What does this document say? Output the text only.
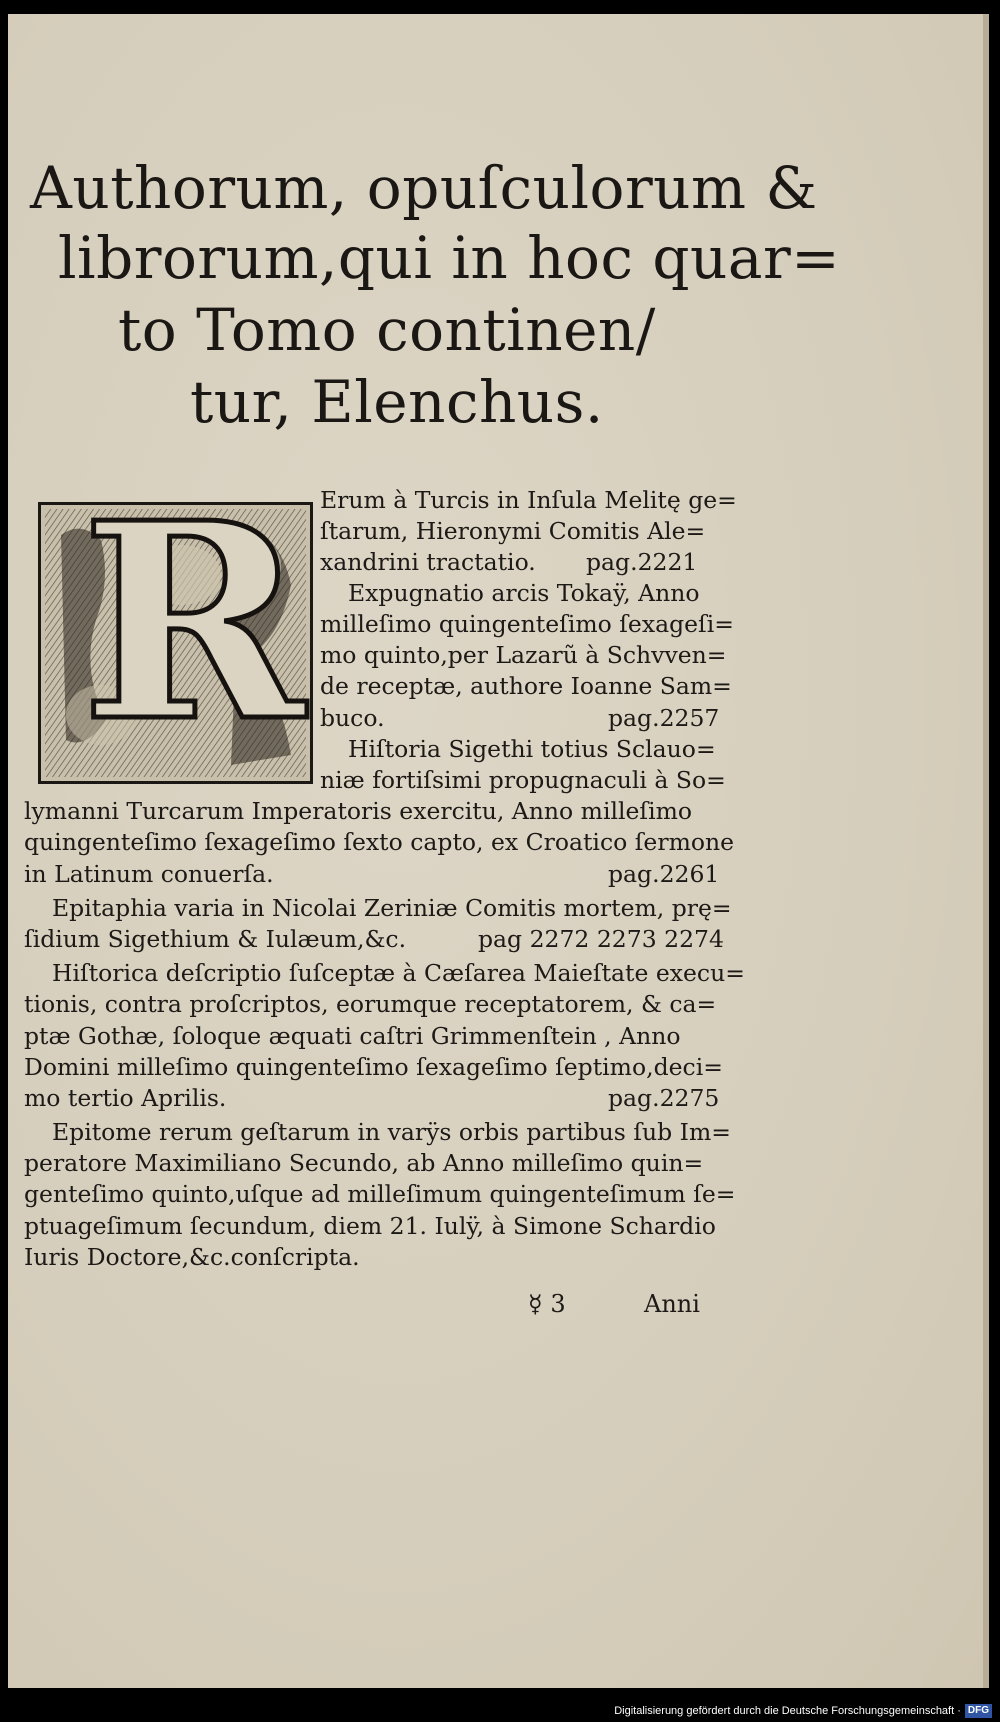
Authorum, opuſculorum &
librorum,qui in hoc quar=
to Tomo continen/
tur, Elenchus.
R Erum à Turcis in Inſula Melitę ge=
ſtarum, Hieronymi Comitis Ale=
xandrini tractatio. pag.2221
Expugnatio arcis Tokaÿ, Anno
milleſimo quingenteſimo ſexageſi=
mo quinto,per Lazarũ à Schvven=
de receptæ, authore Ioanne Sam=
buco.	pag.2257
Hiſtoria Sigethi totius Sclauo=
niæ fortiſsimi propugnaculi à So=
lymanni Turcarum Imperatoris exercitu, Anno milleſimo
quingenteſimo ſexageſimo ſexto capto, ex Croatico ſermone
in Latinum conuerſa.	pag.2261
Epitaphia varia in Nicolai Zeriniæ Comitis mortem, prę=
ſidium Sigethium & Iulæum,&c.	pag 2272 2273 2274
Hiſtorica deſcriptio ſuſceptæ à Cæſarea Maieſtate execu=
tionis, contra proſcriptos, eorumque receptatorem, & ca=
ptæ Gothæ, ſoloque æquati caſtri Grimmenſtein , Anno
Domini milleſimo quingenteſimo ſexageſimo ſeptimo,deci=
mo tertio Aprilis.	pag.2275
Epitome rerum geſtarum in varÿs orbis partibus ſub Im=
peratore Maximiliano Secundo, ab Anno milleſimo quin=
genteſimo quinto,uſque ad milleſimum quingenteſimum ſe=
ptuageſimum ſecundum, diem 21. Iulÿ, à Simone Schardio
Iuris Doctore,&c.conſcripta.
☿ 3	Anni
Digitalisierung gefördert durch die Deutsche Forschungsgemeinschaft · DFG
